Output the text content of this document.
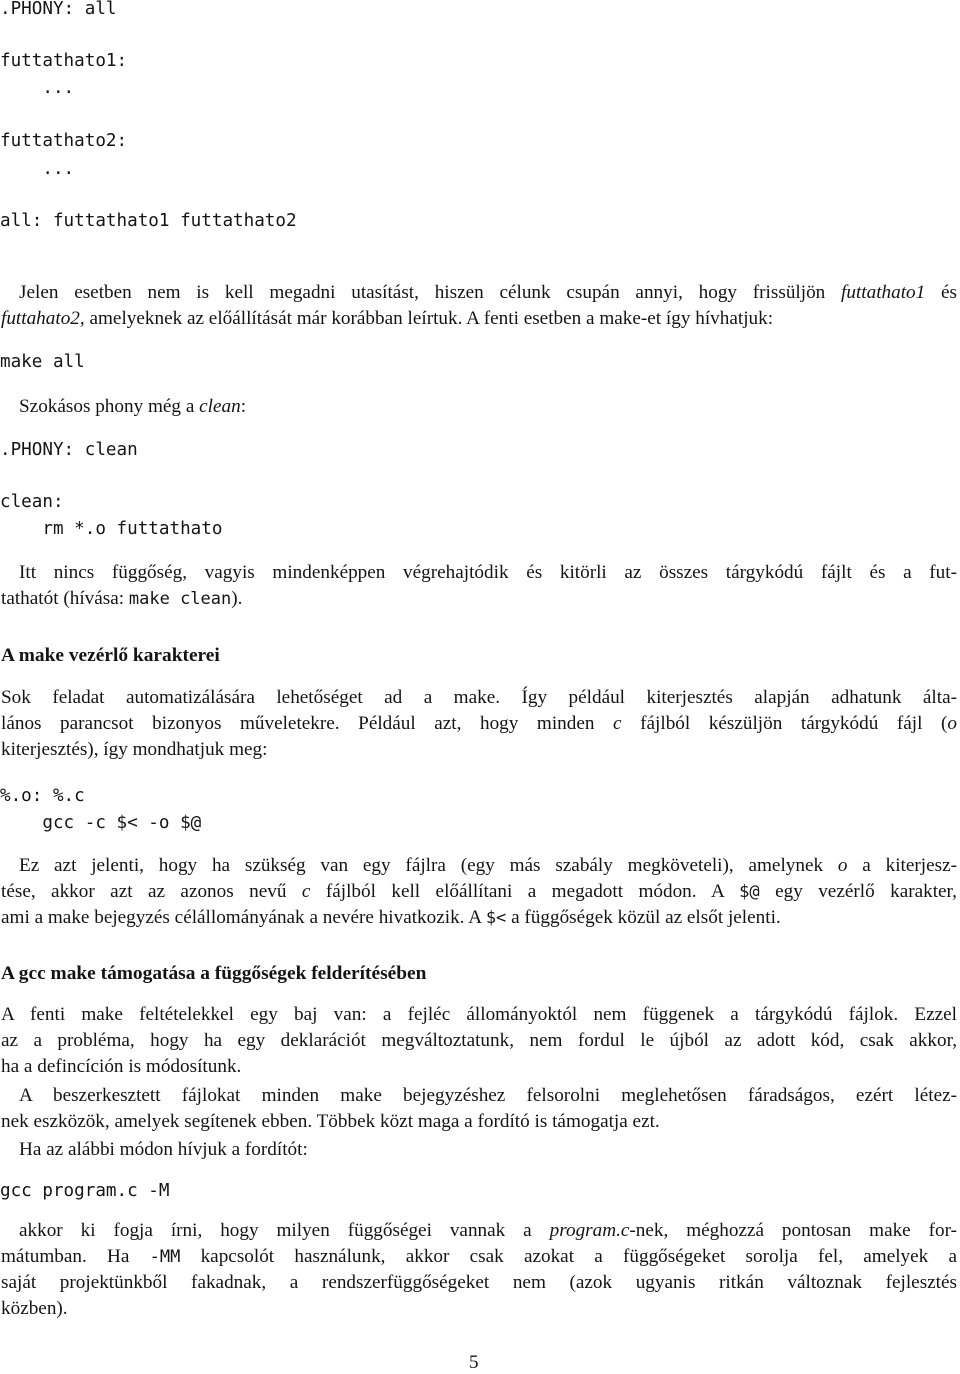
.PHONY: all
futtathato1:
...
futtathato2:
...
all: futtathato1 futtathato2
Jelen esetben nem is kell megadni utasítást, hiszen célunk csupán annyi, hogy frissüljön futtathato1 és
futtahato2, amelyeknek az előállítását már korábban leírtuk. A fenti esetben a make-et így hívhatjuk:
make all
Szokásos phony még a clean:
.PHONY: clean
clean:
rm *.o futtathato
Itt nincs függőség, vagyis mindenképpen végrehajtódik és kitörli az összes tárgykódú fájlt és a fut-
tathatót (hívása: make clean).
A make vezérlő karakterei
Sok feladat automatizálására lehetőséget ad a make. Így például kiterjesztés alapján adhatunk álta-
lános parancsot bizonyos műveletekre. Például azt, hogy minden c fájlból készüljön tárgykódú fájl (o
kiterjesztés), így mondhatjuk meg:
%.o: %.c
gcc -c $< -o $@
Ez azt jelenti, hogy ha szükség van egy fájlra (egy más szabály megköveteli), amelynek o a kiterjesz-
tése, akkor azt az azonos nevű c fájlból kell előállítani a megadott módon. A $@ egy vezérlő karakter,
ami a make bejegyzés célállományának a nevére hivatkozik. A $< a függőségek közül az elsőt jelenti.
A gcc make támogatása a függőségek felderítésében
A fenti make feltételekkel egy baj van: a fejléc állományoktól nem függenek a tárgykódú fájlok. Ezzel
az a probléma, hogy ha egy deklarációt megváltoztatunk, nem fordul le újból az adott kód, csak akkor,
ha a defincíción is módosítunk.
A beszerkesztett fájlokat minden make bejegyzéshez felsorolni meglehetősen fáradságos, ezért létez-
nek eszközök, amelyek segítenek ebben. Többek közt maga a fordító is támogatja ezt.
Ha az alábbi módon hívjuk a fordítót:
gcc program.c -M
akkor ki fogja írni, hogy milyen függőségei vannak a program.c-nek, méghozzá pontosan make for-
mátumban. Ha -MM kapcsolót használunk, akkor csak azokat a függőségeket sorolja fel, amelyek a
saját projektünkből fakadnak, a rendszerfüggőségeket nem (azok ugyanis ritkán változnak fejlesztés
közben).
5
